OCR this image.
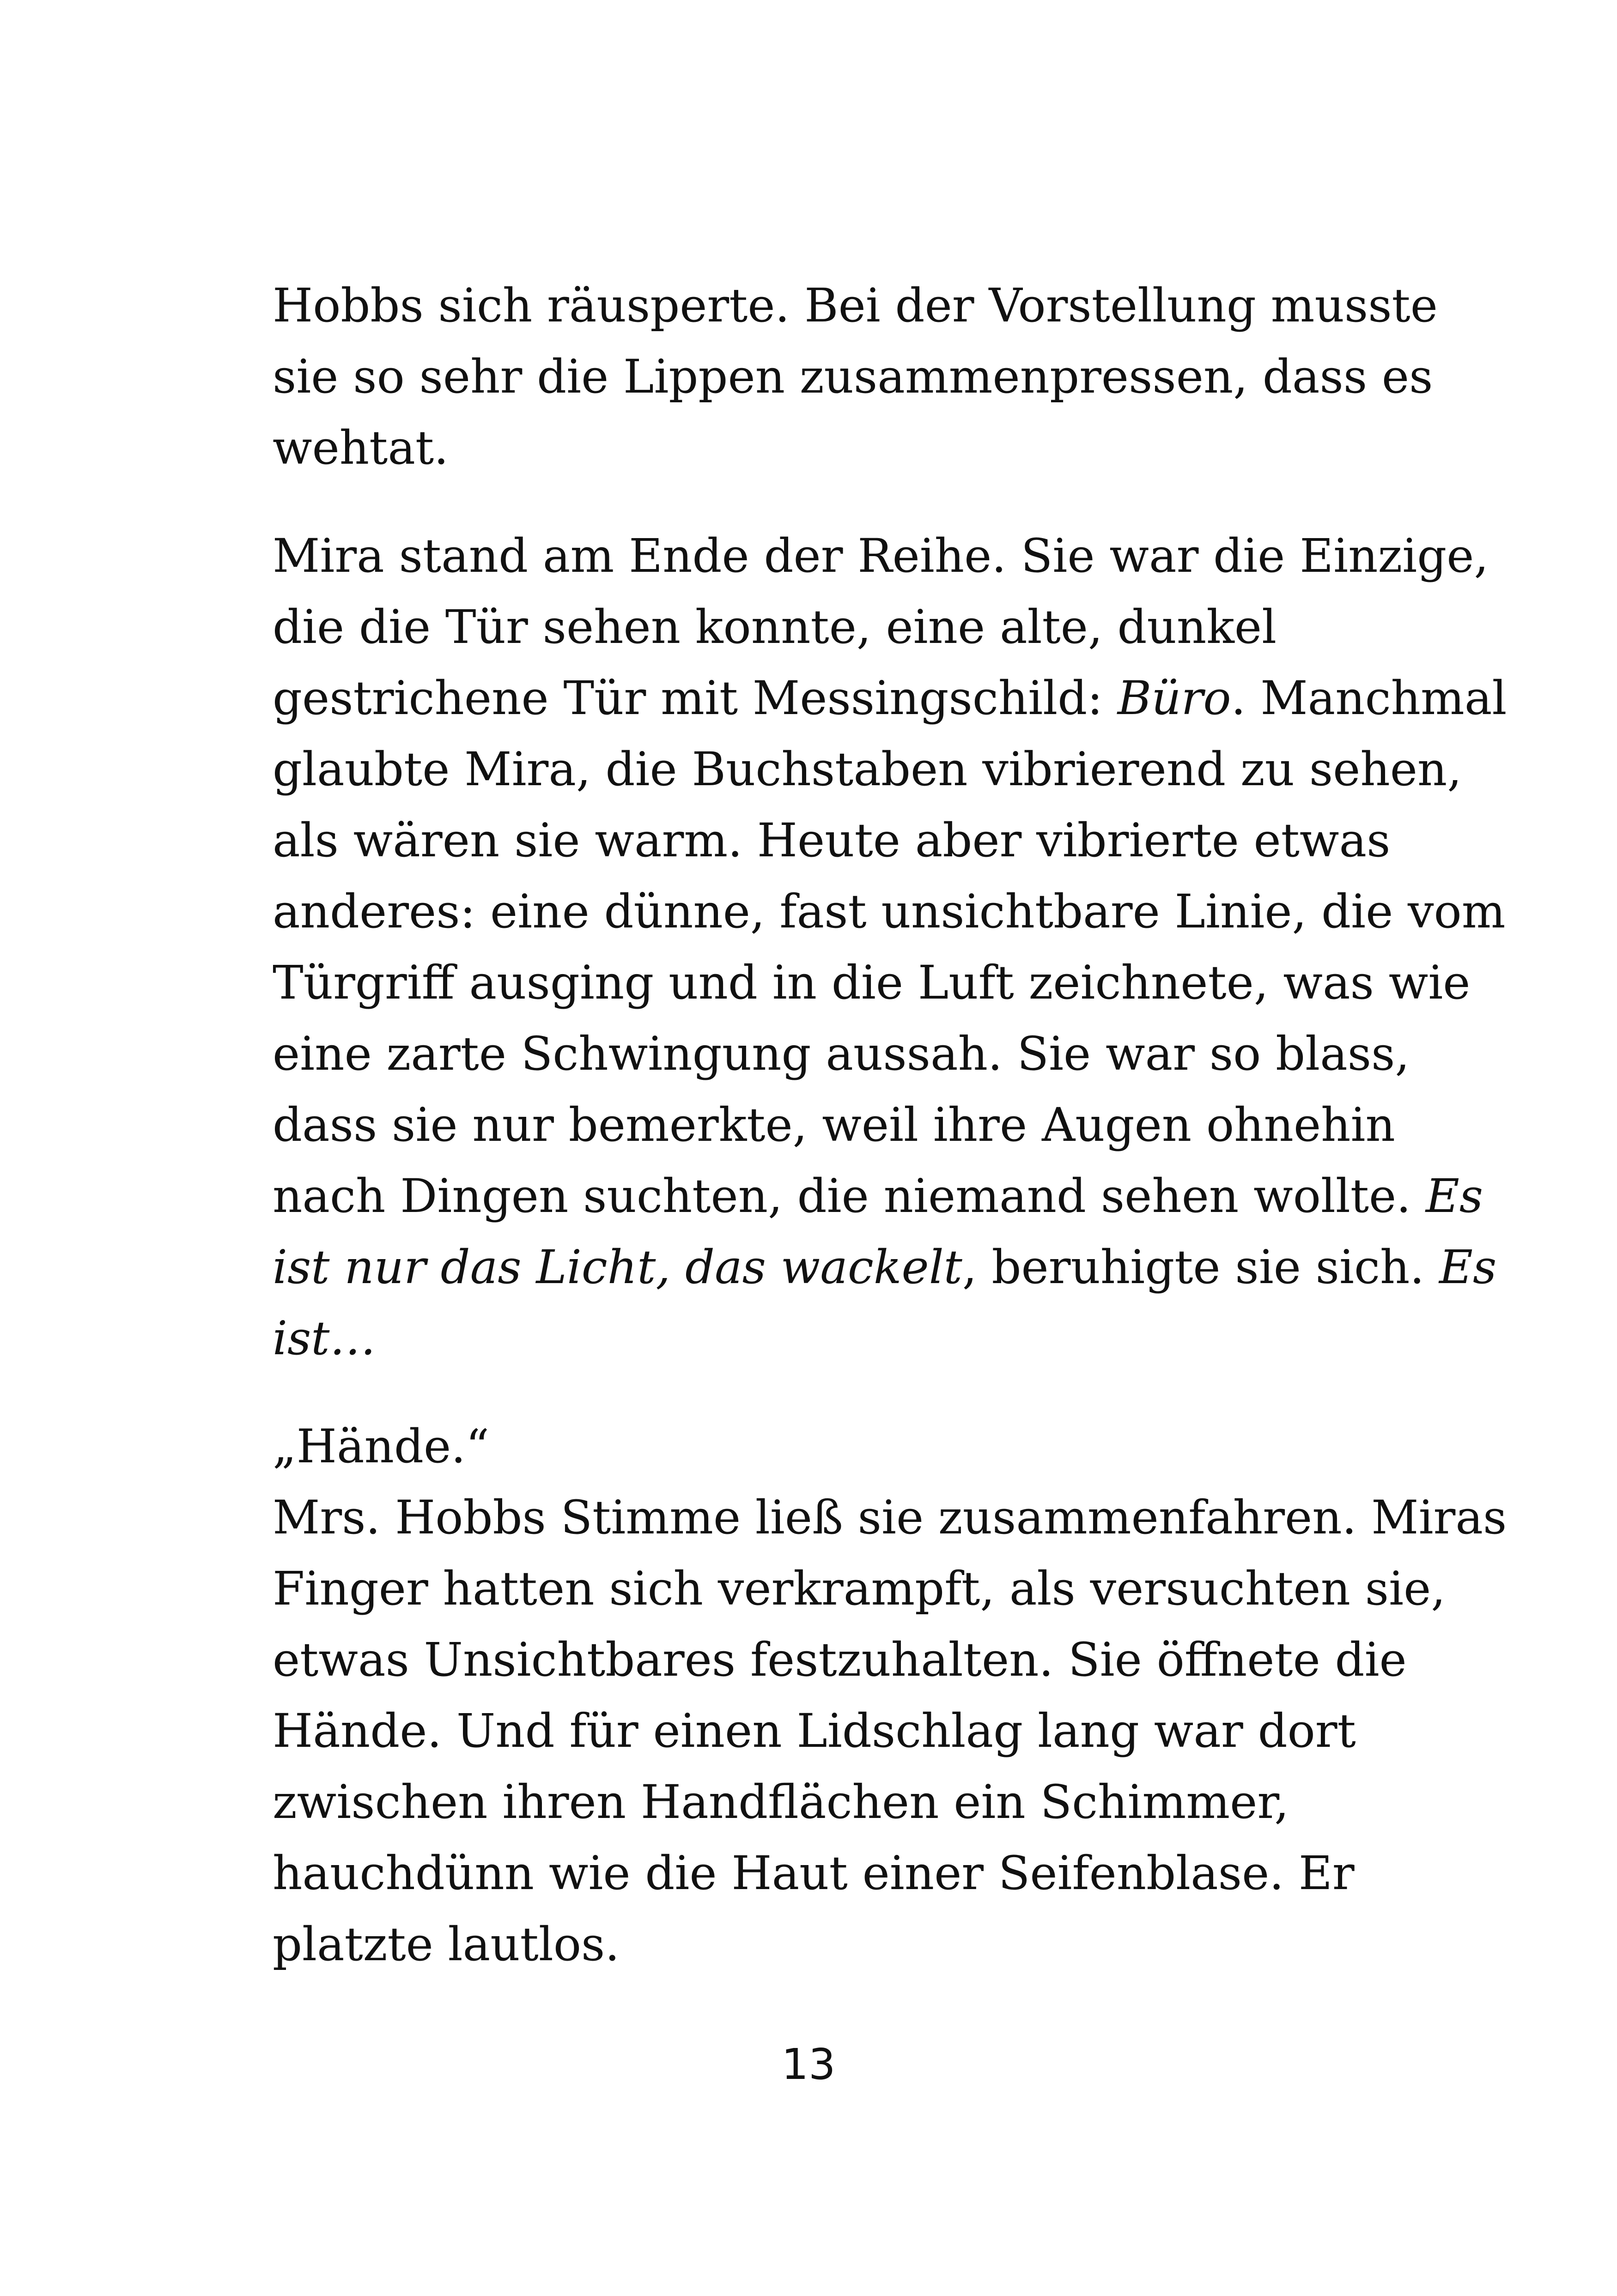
Hobbs sich räusperte. Bei der Vorstellung musste
sie so sehr die Lippen zusammenpressen, dass es
wehtat.
Mira stand am Ende der Reihe. Sie war die Einzige,
die die Tür sehen konnte, eine alte, dunkel
gestrichene Tür mit Messingschild: Büro. Manchmal
glaubte Mira, die Buchstaben vibrierend zu sehen,
als wären sie warm. Heute aber vibrierte etwas
anderes: eine dünne, fast unsichtbare Linie, die vom
Türgriff ausging und in die Luft zeichnete, was wie
eine zarte Schwingung aussah. Sie war so blass,
dass sie nur bemerkte, weil ihre Augen ohnehin
nach Dingen suchten, die niemand sehen wollte. Es
ist nur das Licht, das wackelt, beruhigte sie sich. Es
ist…
„Hände.“
Mrs. Hobbs Stimme ließ sie zusammenfahren. Miras
Finger hatten sich verkrampft, als versuchten sie,
etwas Unsichtbares festzuhalten. Sie öffnete die
Hände. Und für einen Lidschlag lang war dort
zwischen ihren Handflächen ein Schimmer,
hauchdünn wie die Haut einer Seifenblase. Er
platzte lautlos.
13
